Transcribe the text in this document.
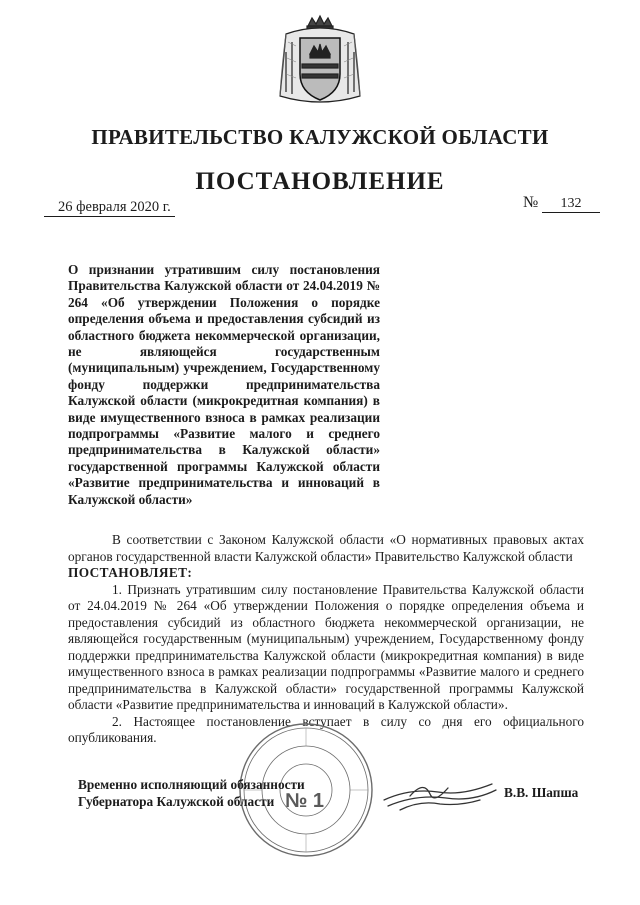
ПРАВИТЕЛЬСТВО КАЛУЖСКОЙ ОБЛАСТИ
ПОСТАНОВЛЕНИЕ
26 февраля 2020 г.	№ 132

О признании утратившим силу постановления Правительства Калужской области от 24.04.2019 № 264 «Об утверждении Положения о порядке определения объема и предоставления субсидий из областного бюджета некоммерческой организации, не являющейся государственным (муниципальным) учреждением, Государственному фонду поддержки предпринимательства Калужской области (микрокредитная компания) в виде имущественного взноса в рамках реализации подпрограммы «Развитие малого и среднего предпринимательства в Калужской области» государственной программы Калужской области «Развитие предпринимательства и инноваций в Калужской области»

В соответствии с Законом Калужской области «О нормативных правовых актах органов государственной власти Калужской области» Правительство Калужской области

ПОСТАНОВЛЯЕТ:

1. Признать утратившим силу постановление Правительства Калужской области от 24.04.2019 № 264 «Об утверждении Положения о порядке определения объема и предоставления субсидий из областного бюджета некоммерческой организации, не являющейся государственным (муниципальным) учреждением, Государственному фонду поддержки предпринимательства Калужской области (микрокредитная компания) в виде имущественного взноса в рамках реализации подпрограммы «Развитие малого и среднего предпринимательства в Калужской области» государственной программы Калужской области «Развитие предпринимательства и инноваций в Калужской области».

2. Настоящее постановление вступает в силу со дня его официального опубликования.

№ 1
Временно исполняющий обязанности
Губернатора Калужской области
В.В. Шапша
